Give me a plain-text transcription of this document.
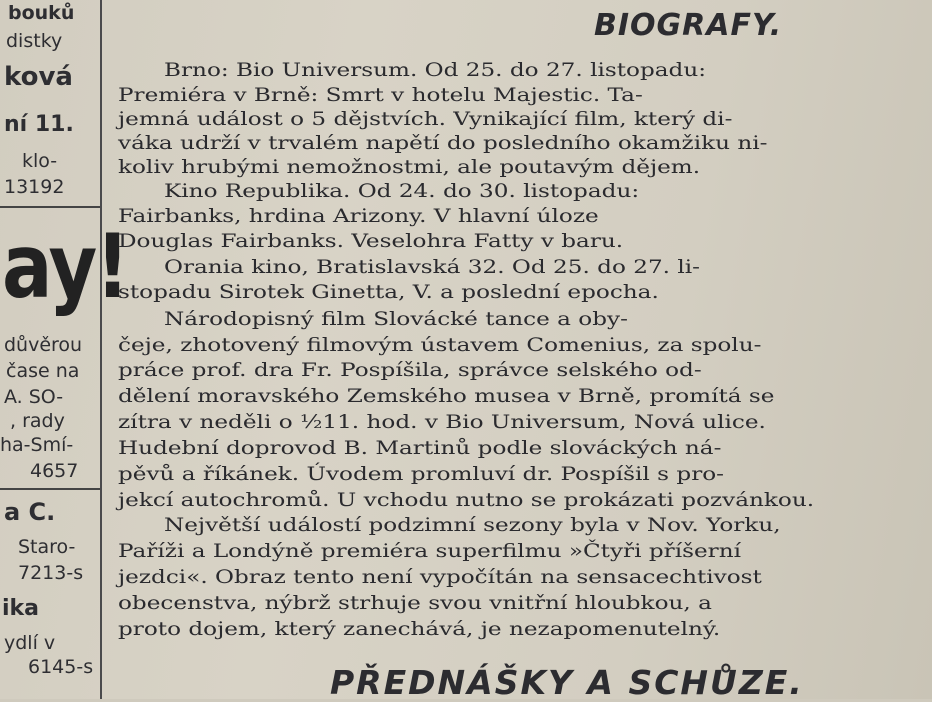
bouků
distky
ková
ní 11.
klo-
13192
ay!
důvěrou
čase na
A. SO-
, rady
ha-Smí-
4657
a C.
Staro-
7213-s
ika
ydlí v
6145-s
BIOGRAFY.
Brno: Bio Universum. Od 25. do 27. listopadu:
Premiéra v Brně: Smrt v hotelu Majestic. Ta-
jemná událost o 5 dějstvích. Vynikající film, který di-
váka udrží v trvalém napětí do posledního okamžiku ni-
koliv hrubými nemožnostmi, ale poutavým dějem.
Kino Republika. Od 24. do 30. listopadu:
Fairbanks, hrdina Arizony. V hlavní úloze
Douglas Fairbanks. Veselohra Fatty v baru.
Orania kino, Bratislavská 32. Od 25. do 27. li-
stopadu Sirotek Ginetta, V. a poslední epocha.
Národopisný film Slovácké tance a oby-
čeje, zhotovený filmovým ústavem Comenius, za spolu-
práce prof. dra Fr. Pospíšila, správce selského od-
dělení moravského Zemského musea v Brně, promítá se
zítra v neděli o ½11. hod. v Bio Universum, Nová ulice.
Hudební doprovod B. Martinů podle slováckých ná-
pěvů a říkánek. Úvodem promluví dr. Pospíšil s pro-
jekcí autochromů. U vchodu nutno se prokázati pozvánkou.
Největší událostí podzimní sezony byla v Nov. Yorku,
Paříži a Londýně premiéra superfilmu »Čtyři příšerní
jezdci«. Obraz tento není vypočítán na sensacechtivost
obecenstva, nýbrž strhuje svou vnitřní hloubkou, a
proto dojem, který zanechává, je nezapomenutelný.
PŘEDNÁŠKY A SCHŮZE.
